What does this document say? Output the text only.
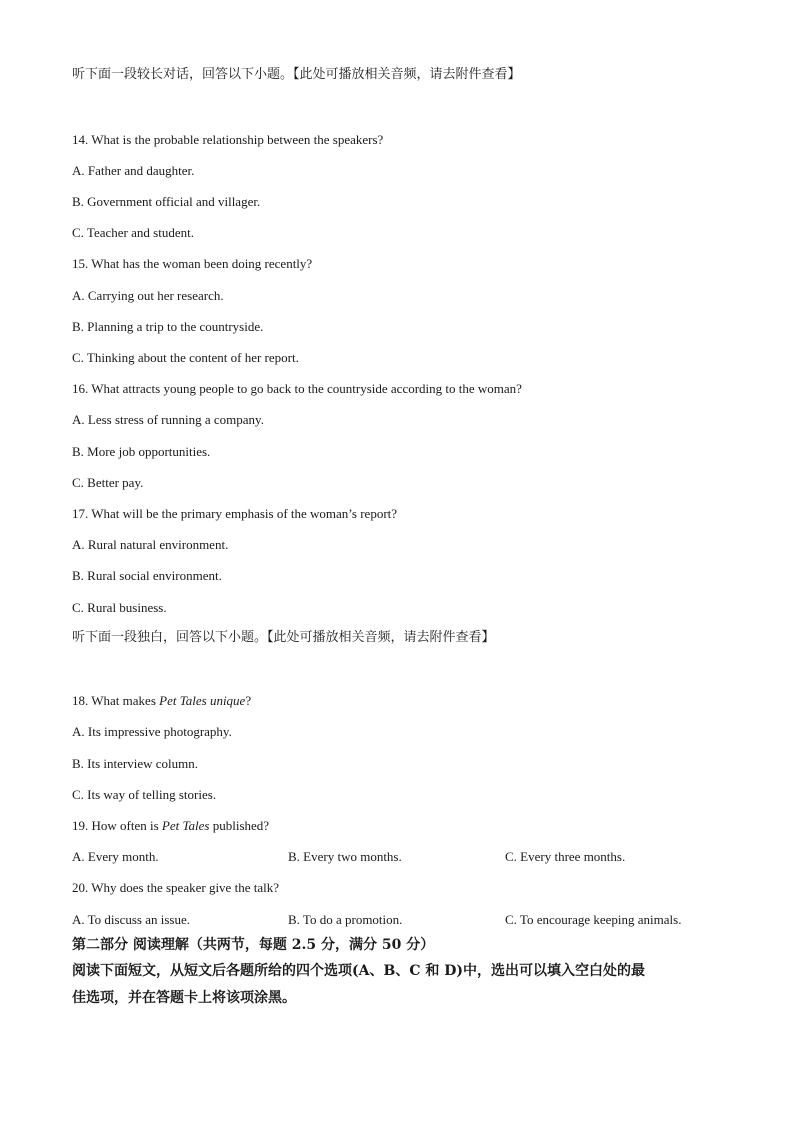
听下面一段较长对话，回答以下小题。【此处可播放相关音频，请去附件查看】
14. What is the probable relationship between the speakers?
A. Father and daughter.
B. Government official and villager.
C. Teacher and student.
15. What has the woman been doing recently?
A. Carrying out her research.
B. Planning a trip to the countryside.
C. Thinking about the content of her report.
16. What attracts young people to go back to the countryside according to the woman?
A. Less stress of running a company.
B. More job opportunities.
C. Better pay.
17. What will be the primary emphasis of the woman’s report?
A. Rural natural environment.
B. Rural social environment.
C. Rural business.
听下面一段独白，回答以下小题。【此处可播放相关音频，请去附件查看】
18. What makes Pet Tales unique?
A. Its impressive photography.
B. Its interview column.
C. Its way of telling stories.
19. How often is Pet Tales published?
A. Every month.	B. Every two months.	C. Every three months.
20. Why does the speaker give the talk?
A. To discuss an issue.	B. To do a promotion.	C. To encourage keeping animals.
第二部分 阅读理解（共两节，每题 2.5 分，满分 50 分）
阅读下面短文，从短文后各题所给的四个选项(A、B、C 和 D)中，选出可以填入空白处的最
佳选项，并在答题卡上将该项涂黑。
